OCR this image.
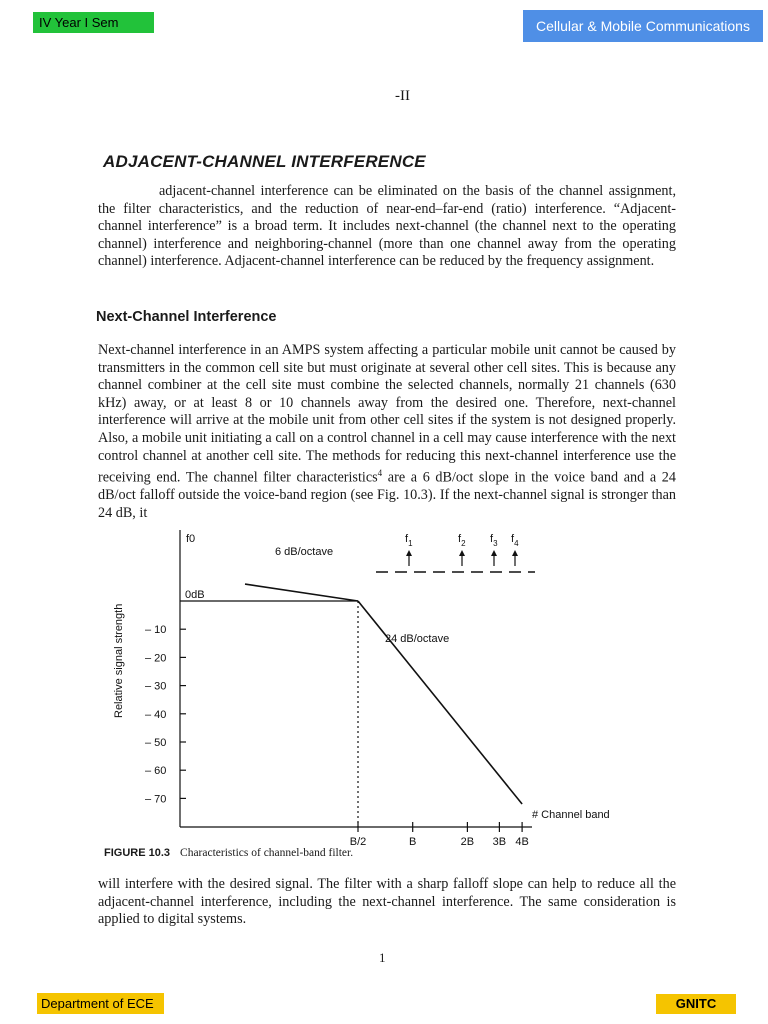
IV Year I Sem	Cellular & Mobile Communications
-II
ADJACENT-CHANNEL INTERFERENCE

adjacent-channel interference can be eliminated on the basis of the channel assignment, the filter characteristics, and the reduction of near-end–far-end (ratio) interference. “Adjacent-channel interference” is a broad term. It includes next-channel (the channel next to the operating channel) interference and neighboring-channel (more than one channel away from the operating channel) interference. Adjacent-channel interference can be reduced by the frequency assignment.

Next-Channel Interference

Next-channel interference in an AMPS system affecting a particular mobile unit cannot be caused by transmitters in the common cell site but must originate at several other cell sites. This is because any channel combiner at the cell site must combine the selected channels, normally 21 channels (630 kHz) away, or at least 8 or 10 channels away from the desired one. Therefore, next-channel interference will arrive at the mobile unit from other cell sites if the system is not designed properly. Also, a mobile unit initiating a call on a control channel in a cell may cause interference with the next control channel at another cell site. The methods for reducing this next-channel interference use the receiving end. The channel filter characteristics$^4$ are a 6 dB/oct slope in the voice band and a 24 dB/oct falloff outside the voice-band region (see Fig. 10.3). If the next-channel signal is stronger than 24 dB, it

– 10
– 20
– 30
– 40
– 50
– 60
– 70
B/2	B	2B 3B 4B
$f_1$	$f_2$ $f_3$ $f_4$
f0
6 dB/octave
24 dB/octave
0dB
# Channel band
Relative signal strength
FIGURE 10.3 Characteristics of channel-band filter.

will interfere with the desired signal. The filter with a sharp falloff slope can help to reduce all the adjacent-channel interference, including the next-channel interference. The same consideration is applied to digital systems.

1
Department of ECE	GNITC
